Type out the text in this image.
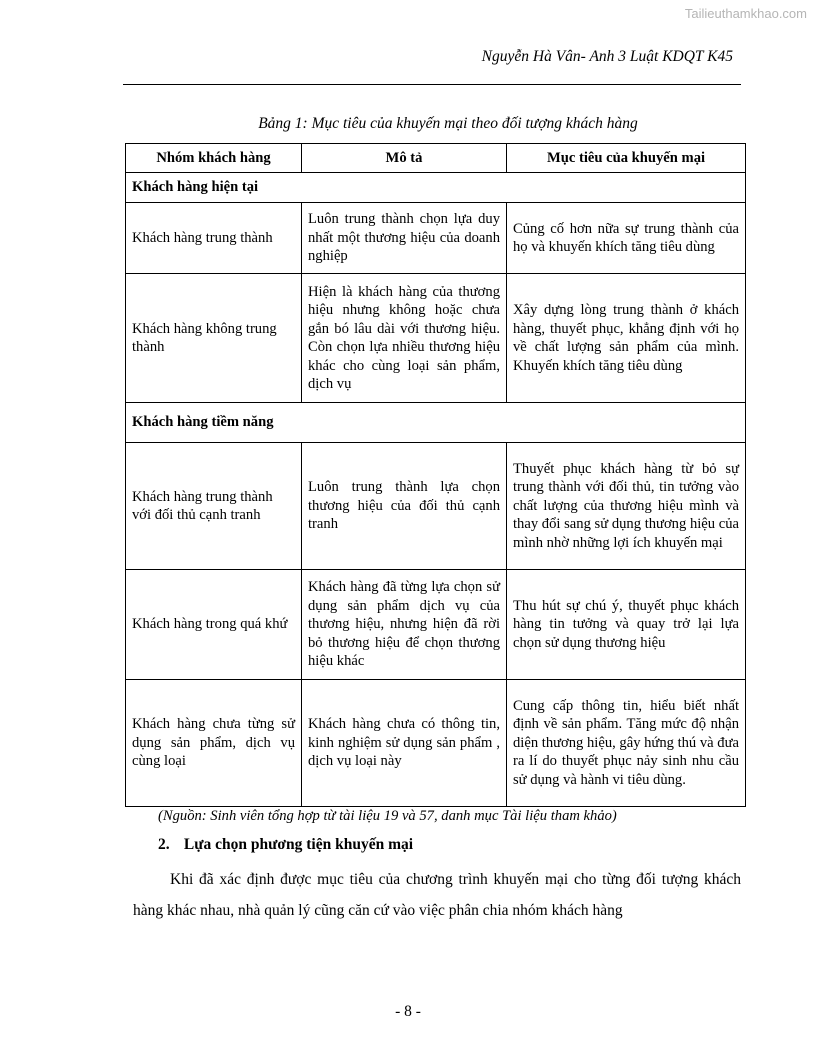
Tailieuthamkhao.com
Nguyễn Hà Vân- Anh 3 Luật KDQT K45
Bảng 1: Mục tiêu của khuyến mại theo đối tượng khách hàng
Nhóm khách hàng	Mô tả	Mục tiêu của khuyến mại
Khách hàng hiện tại		
Khách hàng trung thành	Luôn trung thành chọn lựa duy nhất một thương hiệu của doanh nghiệp	Củng cố hơn nữa sự trung thành của họ và khuyến khích tăng tiêu dùng
Khách hàng không trung thành	Hiện là khách hàng của thương hiệu nhưng không hoặc chưa gắn bó lâu dài với thương hiệu. Còn chọn lựa nhiều thương hiệu khác cho cùng loại sản phẩm, dịch vụ	Xây dựng lòng trung thành ở khách hàng, thuyết phục, khẳng định với họ về chất lượng sản phẩm của mình. Khuyến khích tăng tiêu dùng
Khách hàng tiềm năng		
Khách hàng trung thành với đối thủ cạnh tranh	Luôn trung thành lựa chọn thương hiệu của đối thủ cạnh tranh	Thuyết phục khách hàng từ bỏ sự trung thành với đối thủ, tin tưởng vào chất lượng của thương hiệu mình và thay đổi sang sử dụng thương hiệu của mình nhờ những lợi ích khuyến mại
Khách hàng trong quá khứ	Khách hàng đã từng lựa chọn sử dụng sản phẩm dịch vụ của thương hiệu, nhưng hiện đã rời bỏ thương hiệu để chọn thương hiệu khác	Thu hút sự chú ý, thuyết phục khách hàng tin tưởng và quay trở lại lựa chọn sử dụng thương hiệu
Khách hàng chưa từng sử dụng sản phẩm, dịch vụ cùng loại	Khách hàng chưa có thông tin, kinh nghiệm sử dụng sản phẩm , dịch vụ loại này	Cung cấp thông tin, hiểu biết nhất định về sản phẩm. Tăng mức độ nhận diện thương hiệu, gây hứng thú và đưa ra lí do thuyết phục nảy sinh nhu cầu sử dụng và hành vi tiêu dùng.
(Nguồn: Sinh viên tổng hợp từ tài liệu 19 và 57, danh mục Tài liệu tham khảo)
2. Lựa chọn phương tiện khuyến mại
Khi đã xác định được mục tiêu của chương trình khuyến mại cho từng đối tượng khách hàng khác nhau, nhà quản lý cũng căn cứ vào việc phân chia nhóm khách hàng
- 8 -
